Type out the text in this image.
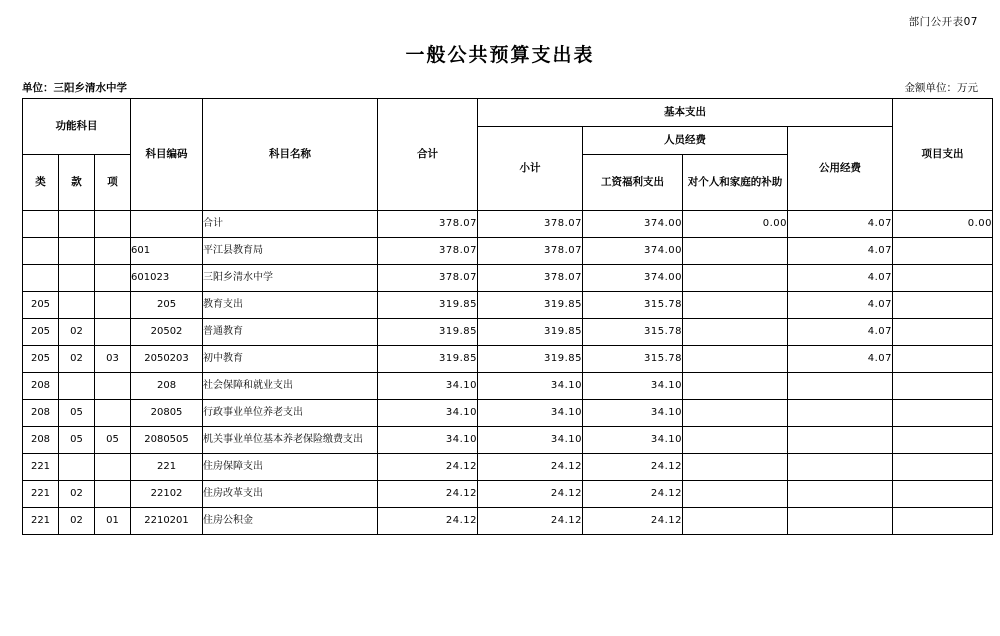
部门公开表07
一般公共预算支出表
单位：三阳乡清水中学	金额单位：万元
功能科目			科目编码	科目名称	合计	基本支出				项目支出
						小计	人员经费		公用经费	
类	款	项					工资福利支出	对个人和家庭的补助		

				合计	378.07	378.07	374.00	0.00	4.07	0.00
			601	平江县教育局	378.07	378.07	374.00		4.07	
			601023	三阳乡清水中学	378.07	378.07	374.00		4.07	
205			205	教育支出	319.85	319.85	315.78		4.07	
205	02		20502	普通教育	319.85	319.85	315.78		4.07	
205	02	03	2050203	初中教育	319.85	319.85	315.78		4.07	
208			208	社会保障和就业支出	34.10	34.10	34.10			
208	05		20805	行政事业单位养老支出	34.10	34.10	34.10			
208	05	05	2080505	机关事业单位基本养老保险缴费支出	34.10	34.10	34.10			
221			221	住房保障支出	24.12	24.12	24.12			
221	02		22102	住房改革支出	24.12	24.12	24.12			
221	02	01	2210201	住房公积金	24.12	24.12	24.12			
